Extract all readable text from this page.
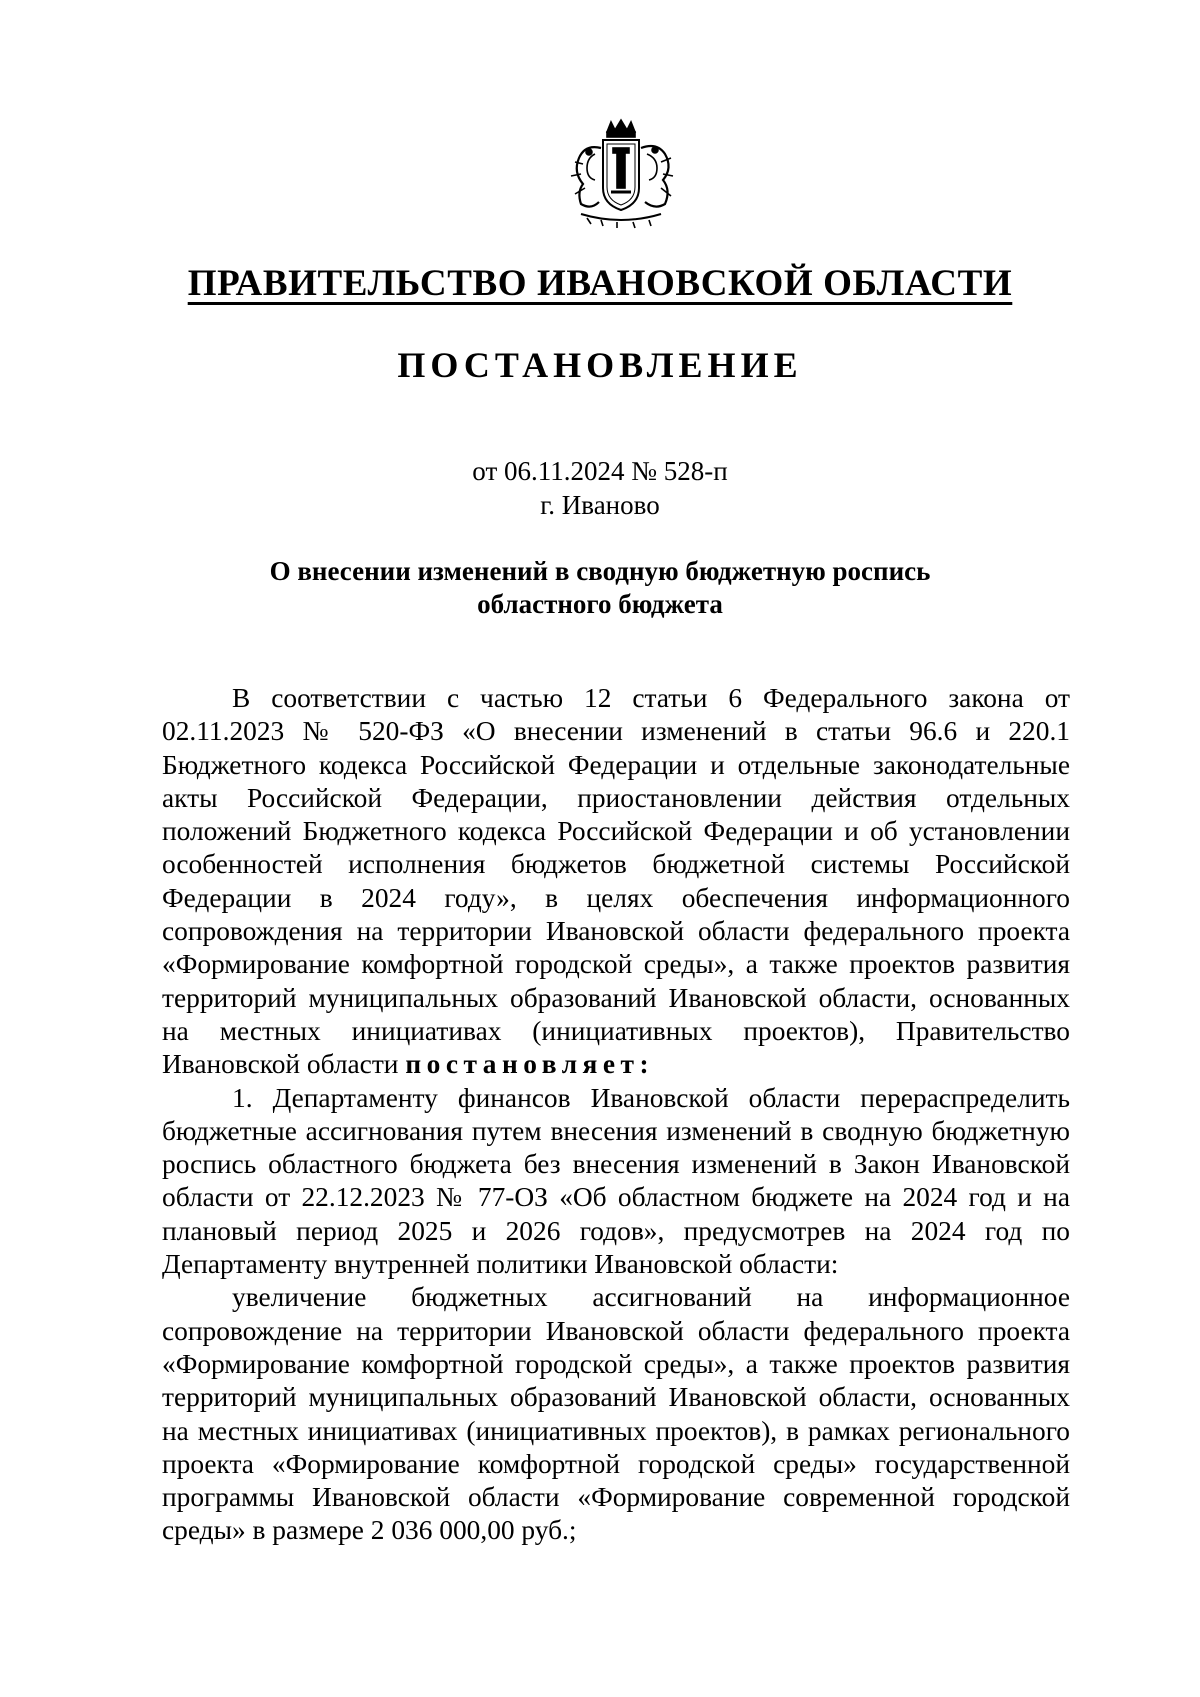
ПРАВИТЕЛЬСТВО ИВАНОВСКОЙ ОБЛАСТИ
ПОСТАНОВЛЕНИЕ
от 06.11.2024 № 528-п
г. Иваново
О внесении изменений в сводную бюджетную роспись
областного бюджета

В соответствии с частью 12 статьи 6 Федерального закона от 02.11.2023 № 520-ФЗ «О внесении изменений в статьи 96.6 и 220.1 Бюджетного кодекса Российской Федерации и отдельные законодательные акты Российской Федерации, приостановлении действия отдельных положений Бюджетного кодекса Российской Федерации и об установлении особенностей исполнения бюджетов бюджетной системы Российской Федерации в 2024 году», в целях обеспечения информационного сопровождения на территории Ивановской области федерального проекта «Формирование комфортной городской среды», а также проектов развития территорий муниципальных образований Ивановской области, основанных на местных инициативах (инициативных проектов), Правительство Ивановской области постановляет:

1. Департаменту финансов Ивановской области перераспределить бюджетные ассигнования путем внесения изменений в сводную бюджетную роспись областного бюджета без внесения изменений в Закон Ивановской области от 22.12.2023 № 77-ОЗ «Об областном бюджете на 2024 год и на плановый период 2025 и 2026 годов», предусмотрев на 2024 год по Департаменту внутренней политики Ивановской области:

увеличение бюджетных ассигнований на информационное сопровождение на территории Ивановской области федерального проекта «Формирование комфортной городской среды», а также проектов развития территорий муниципальных образований Ивановской области, основанных на местных инициативах (инициативных проектов), в рамках регионального проекта «Формирование комфортной городской среды» государственной программы Ивановской области «Формирование современной городской среды» в размере 2 036 000,00 руб.;
